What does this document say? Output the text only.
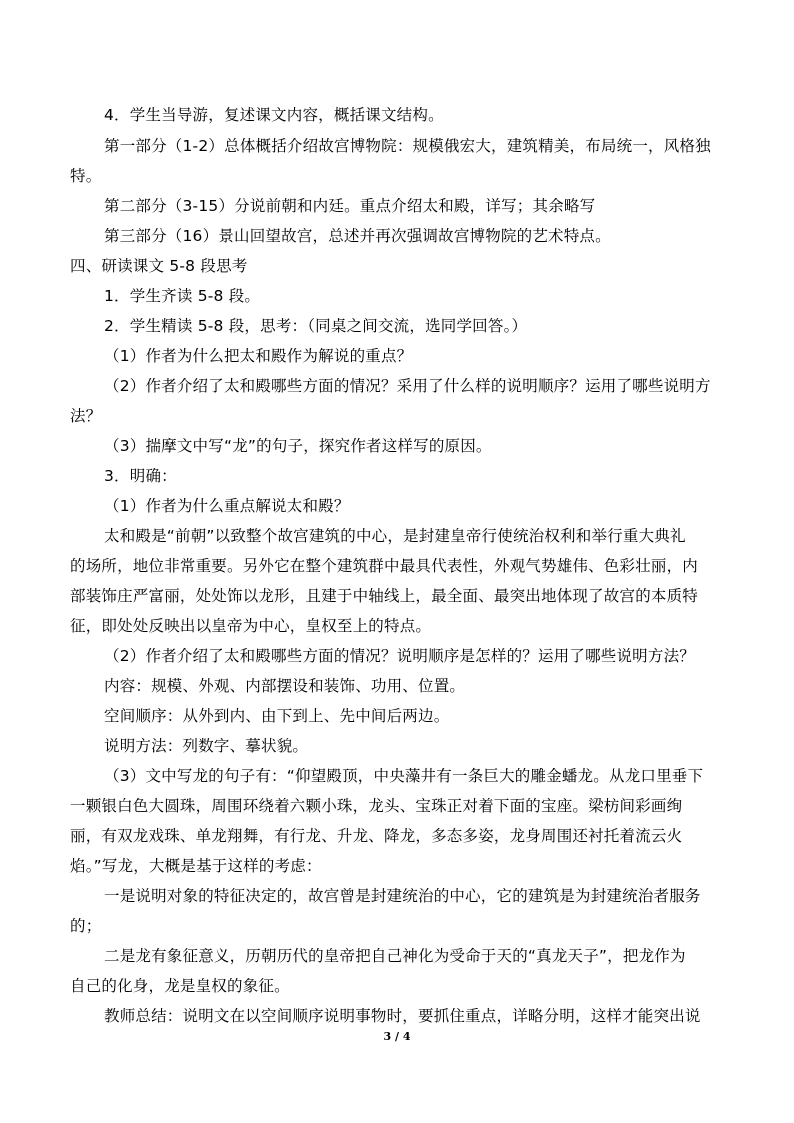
4．学生当导游，复述课文内容，概括课文结构。
第一部分（1-2）总体概括介绍故宫博物院：规模俄宏大，建筑精美，布局统一，风格独
特。
第二部分（3-15）分说前朝和内廷。重点介绍太和殿，详写；其余略写
第三部分（16）景山回望故宫，总述并再次强调故宫博物院的艺术特点。
四、研读课文 5-8 段思考
1．学生齐读 5-8 段。
2．学生精读 5-8 段，思考：（同桌之间交流，选同学回答。）
（1）作者为什么把太和殿作为解说的重点？
（2）作者介绍了太和殿哪些方面的情况？采用了什么样的说明顺序？运用了哪些说明方
法？
（3）揣摩文中写“龙”的句子，探究作者这样写的原因。
3．明确：
（1）作者为什么重点解说太和殿？
太和殿是“前朝”以致整个故宫建筑的中心，是封建皇帝行使统治权利和举行重大典礼
的场所，地位非常重要。另外它在整个建筑群中最具代表性，外观气势雄伟、色彩壮丽，内
部装饰庄严富丽，处处饰以龙形，且建于中轴线上，最全面、最突出地体现了故宫的本质特
征，即处处反映出以皇帝为中心，皇权至上的特点。
（2）作者介绍了太和殿哪些方面的情况？说明顺序是怎样的？运用了哪些说明方法？
内容：规模、外观、内部摆设和装饰、功用、位置。
空间顺序：从外到内、由下到上、先中间后两边。
说明方法：列数字、摹状貌。
（3）文中写龙的句子有：“仰望殿顶，中央藻井有一条巨大的雕金蟠龙。从龙口里垂下
一颗银白色大圆珠，周围环绕着六颗小珠，龙头、宝珠正对着下面的宝座。梁枋间彩画绚
丽，有双龙戏珠、单龙翔舞，有行龙、升龙、降龙，多态多姿，龙身周围还衬托着流云火
焰。”写龙，大概是基于这样的考虑：
一是说明对象的特征决定的，故宫曾是封建统治的中心，它的建筑是为封建统治者服务
的；
二是龙有象征意义，历朝历代的皇帝把自己神化为受命于天的“真龙天子”，把龙作为
自己的化身，龙是皇权的象征。
教师总结：说明文在以空间顺序说明事物时，要抓住重点，详略分明，这样才能突出说
3 / 4
